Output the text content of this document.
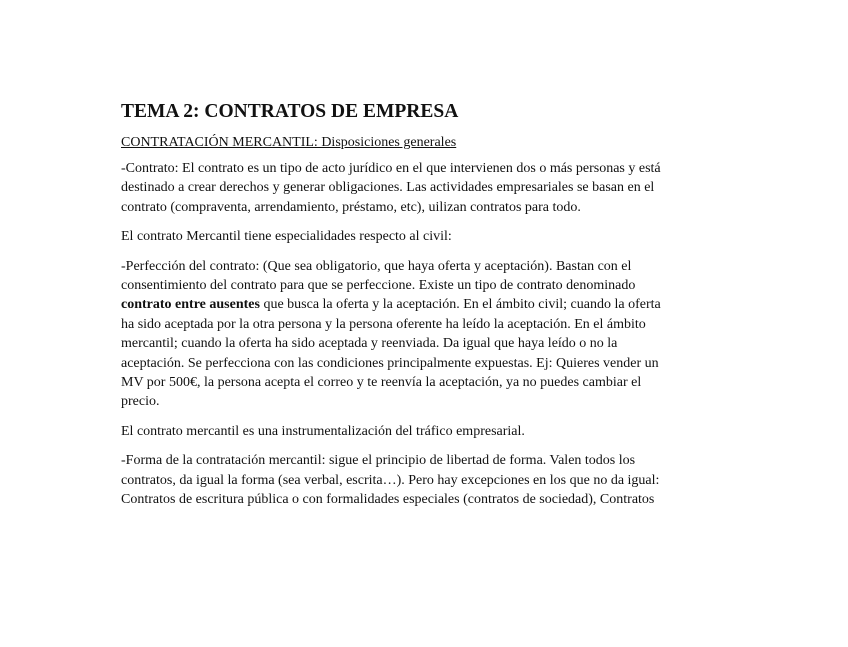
TEMA 2: CONTRATOS DE EMPRESA
CONTRATACIÓN MERCANTIL: Disposiciones generales
-Contrato: El contrato es un tipo de acto jurídico en el que intervienen dos o más personas y está
destinado a crear derechos y generar obligaciones. Las actividades empresariales se basan en el
contrato (compraventa, arrendamiento, préstamo, etc), uilizan contratos para todo.
El contrato Mercantil tiene especialidades respecto al civil:
-Perfección del contrato: (Que sea obligatorio, que haya oferta y aceptación). Bastan con el
consentimiento del contrato para que se perfeccione. Existe un tipo de contrato denominado
contrato entre ausentes que busca la oferta y la aceptación. En el ámbito civil; cuando la oferta
ha sido aceptada por la otra persona y la persona oferente ha leído la aceptación. En el ámbito
mercantil; cuando la oferta ha sido aceptada y reenviada. Da igual que haya leído o no la
aceptación. Se perfecciona con las condiciones principalmente expuestas. Ej: Quieres vender un
MV por 500€, la persona acepta el correo y te reenvía la aceptación, ya no puedes cambiar el
precio.
El contrato mercantil es una instrumentalización del tráfico empresarial.
-Forma de la contratación mercantil: sigue el principio de libertad de forma. Valen todos los
contratos, da igual la forma (sea verbal, escrita…). Pero hay excepciones en los que no da igual:
Contratos de escritura pública o con formalidades especiales (contratos de sociedad), Contratos
